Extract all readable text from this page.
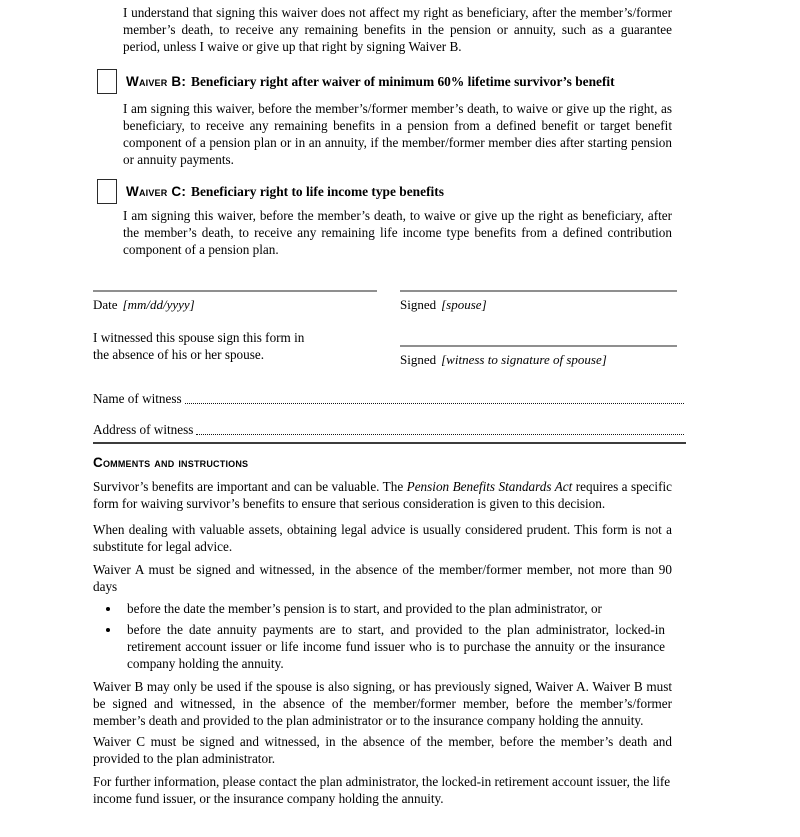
I understand that signing this waiver does not affect my right as beneficiary, after the member’s/former member’s death, to receive any remaining benefits in the pension or annuity, such as a guarantee period, unless I waive or give up that right by signing Waiver B.

Waiver B: Beneficiary right after waiver of minimum 60% lifetime survivor’s benefit

I am signing this waiver, before the member’s/former member’s death, to waive or give up the right, as beneficiary, to receive any remaining benefits in a pension from a defined benefit or target benefit component of a pension plan or in an annuity, if the member/former member dies after starting pension or annuity payments.

Waiver C: Beneficiary right to life income type benefits

I am signing this waiver, before the member’s death, to waive or give up the right as beneficiary, after the member’s death, to receive any remaining life income type benefits from a defined contribution component of a pension plan.

Date [mm/dd/yyyy]	Signed [spouse]
I witnessed this spouse sign this form in
the absence of his or her spouse.	Signed [witness to signature of spouse]
Name of witness
Address of witness
Comments and instructions

Survivor’s benefits are important and can be valuable. The Pension Benefits Standards Act requires a specific form for waiving survivor’s benefits to ensure that serious consideration is given to this decision.

When dealing with valuable assets, obtaining legal advice is usually considered prudent. This form is not a substitute for legal advice.

Waiver A must be signed and witnessed, in the absence of the member/former member, not more than 90 days

• before the date the member’s pension is to start, and provided to the plan administrator, or
• before the date annuity payments are to start, and provided to the plan administrator, locked-in retirement account issuer or life income fund issuer who is to purchase the annuity or the insurance company holding the annuity.

Waiver B may only be used if the spouse is also signing, or has previously signed, Waiver A. Waiver B must be signed and witnessed, in the absence of the member/former member, before the member’s/former member’s death and provided to the plan administrator or to the insurance company holding the annuity.

Waiver C must be signed and witnessed, in the absence of the member, before the member’s death and provided to the plan administrator.

For further information, please contact the plan administrator, the locked-in retirement account issuer, the life income fund issuer, or the insurance company holding the annuity.
